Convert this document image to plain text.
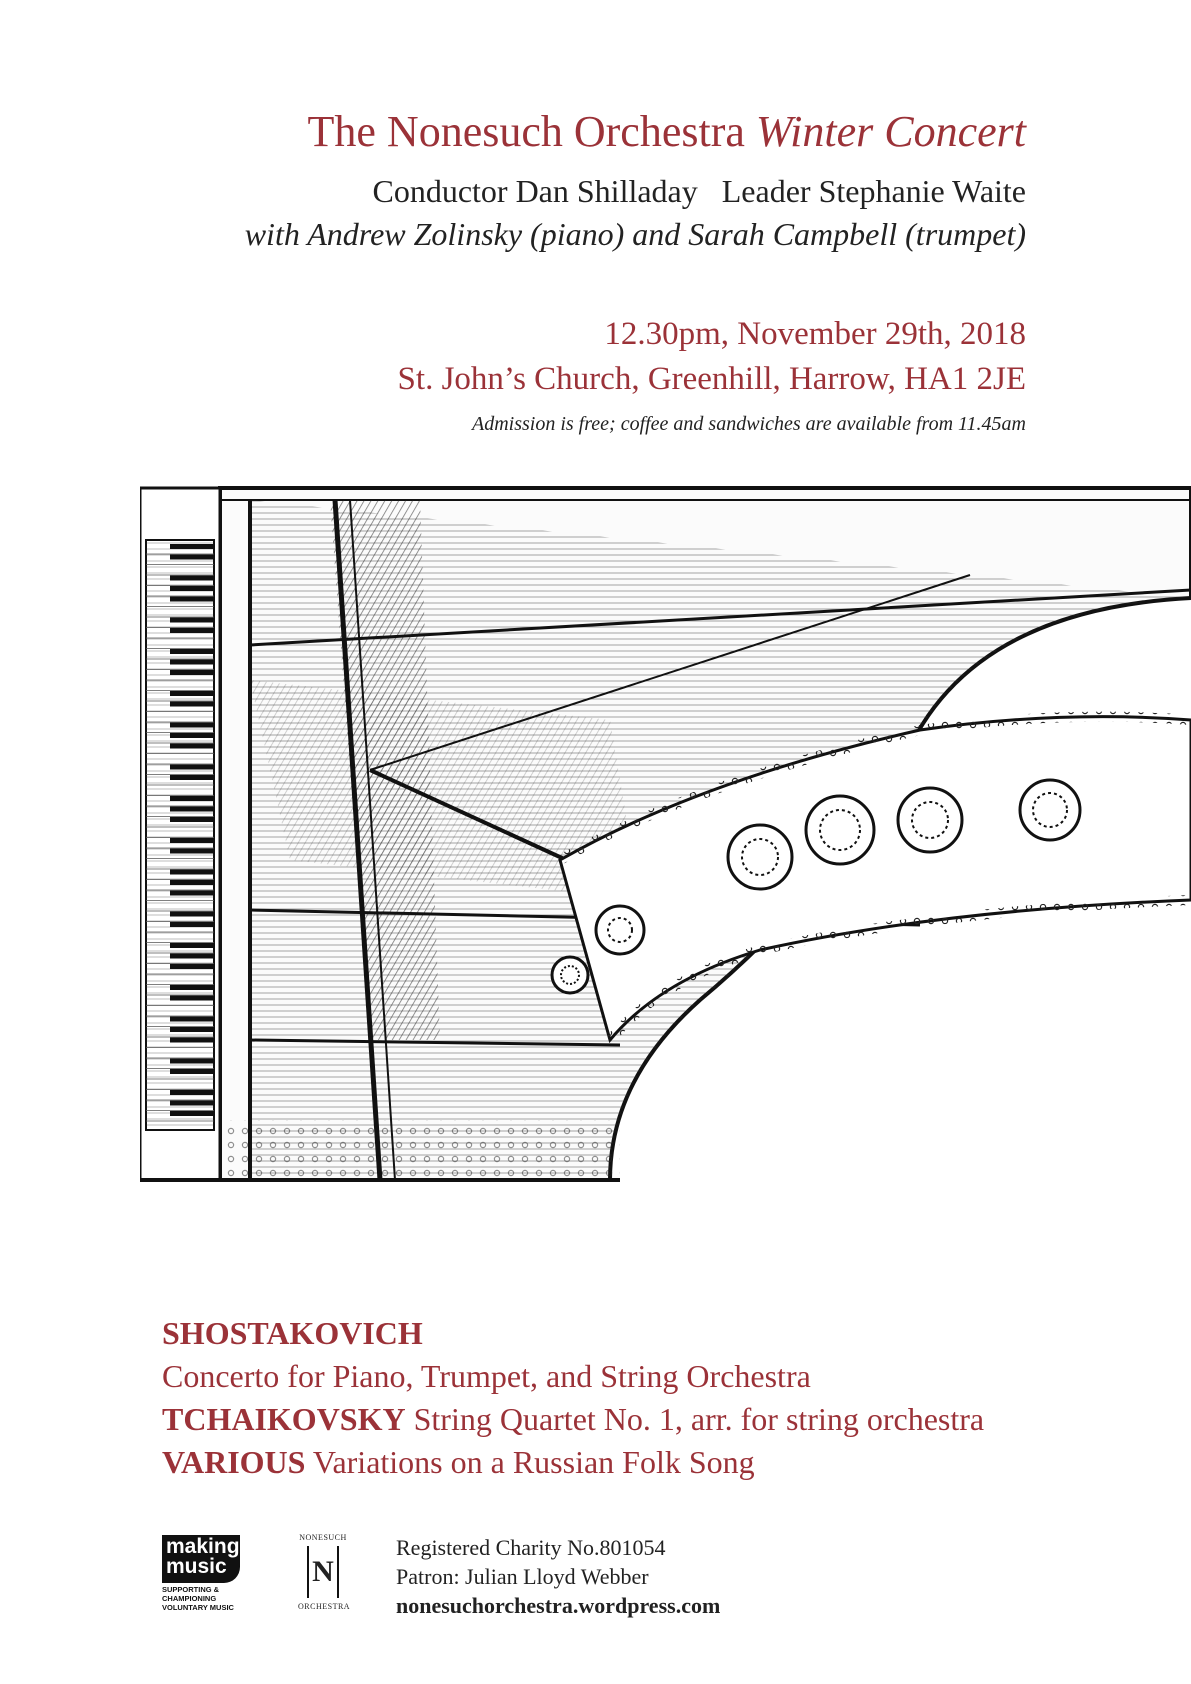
The Nonesuch Orchestra Winter Concert
Conductor Dan Shilladay Leader Stephanie Waite
with Andrew Zolinsky (piano) and Sarah Campbell (trumpet)
12.30pm, November 29th, 2018
St. John’s Church, Greenhill, Harrow, HA1 2JE
Admission is free; coffee and sandwiches are available from 11.45am
SHOSTAKOVICH
Concerto for Piano, Trumpet, and String Orchestra
TCHAIKOVSKY String Quartet No. 1, arr. for string orchestra
VARIOUS Variations on a Russian Folk Song
making
music
SUPPORTING &
CHAMPIONING
VOLUNTARY MUSIC
NONESUCH
N
ORCHESTRA
Registered Charity No.801054
Patron: Julian Lloyd Webber
nonesuchorchestra.wordpress.com
